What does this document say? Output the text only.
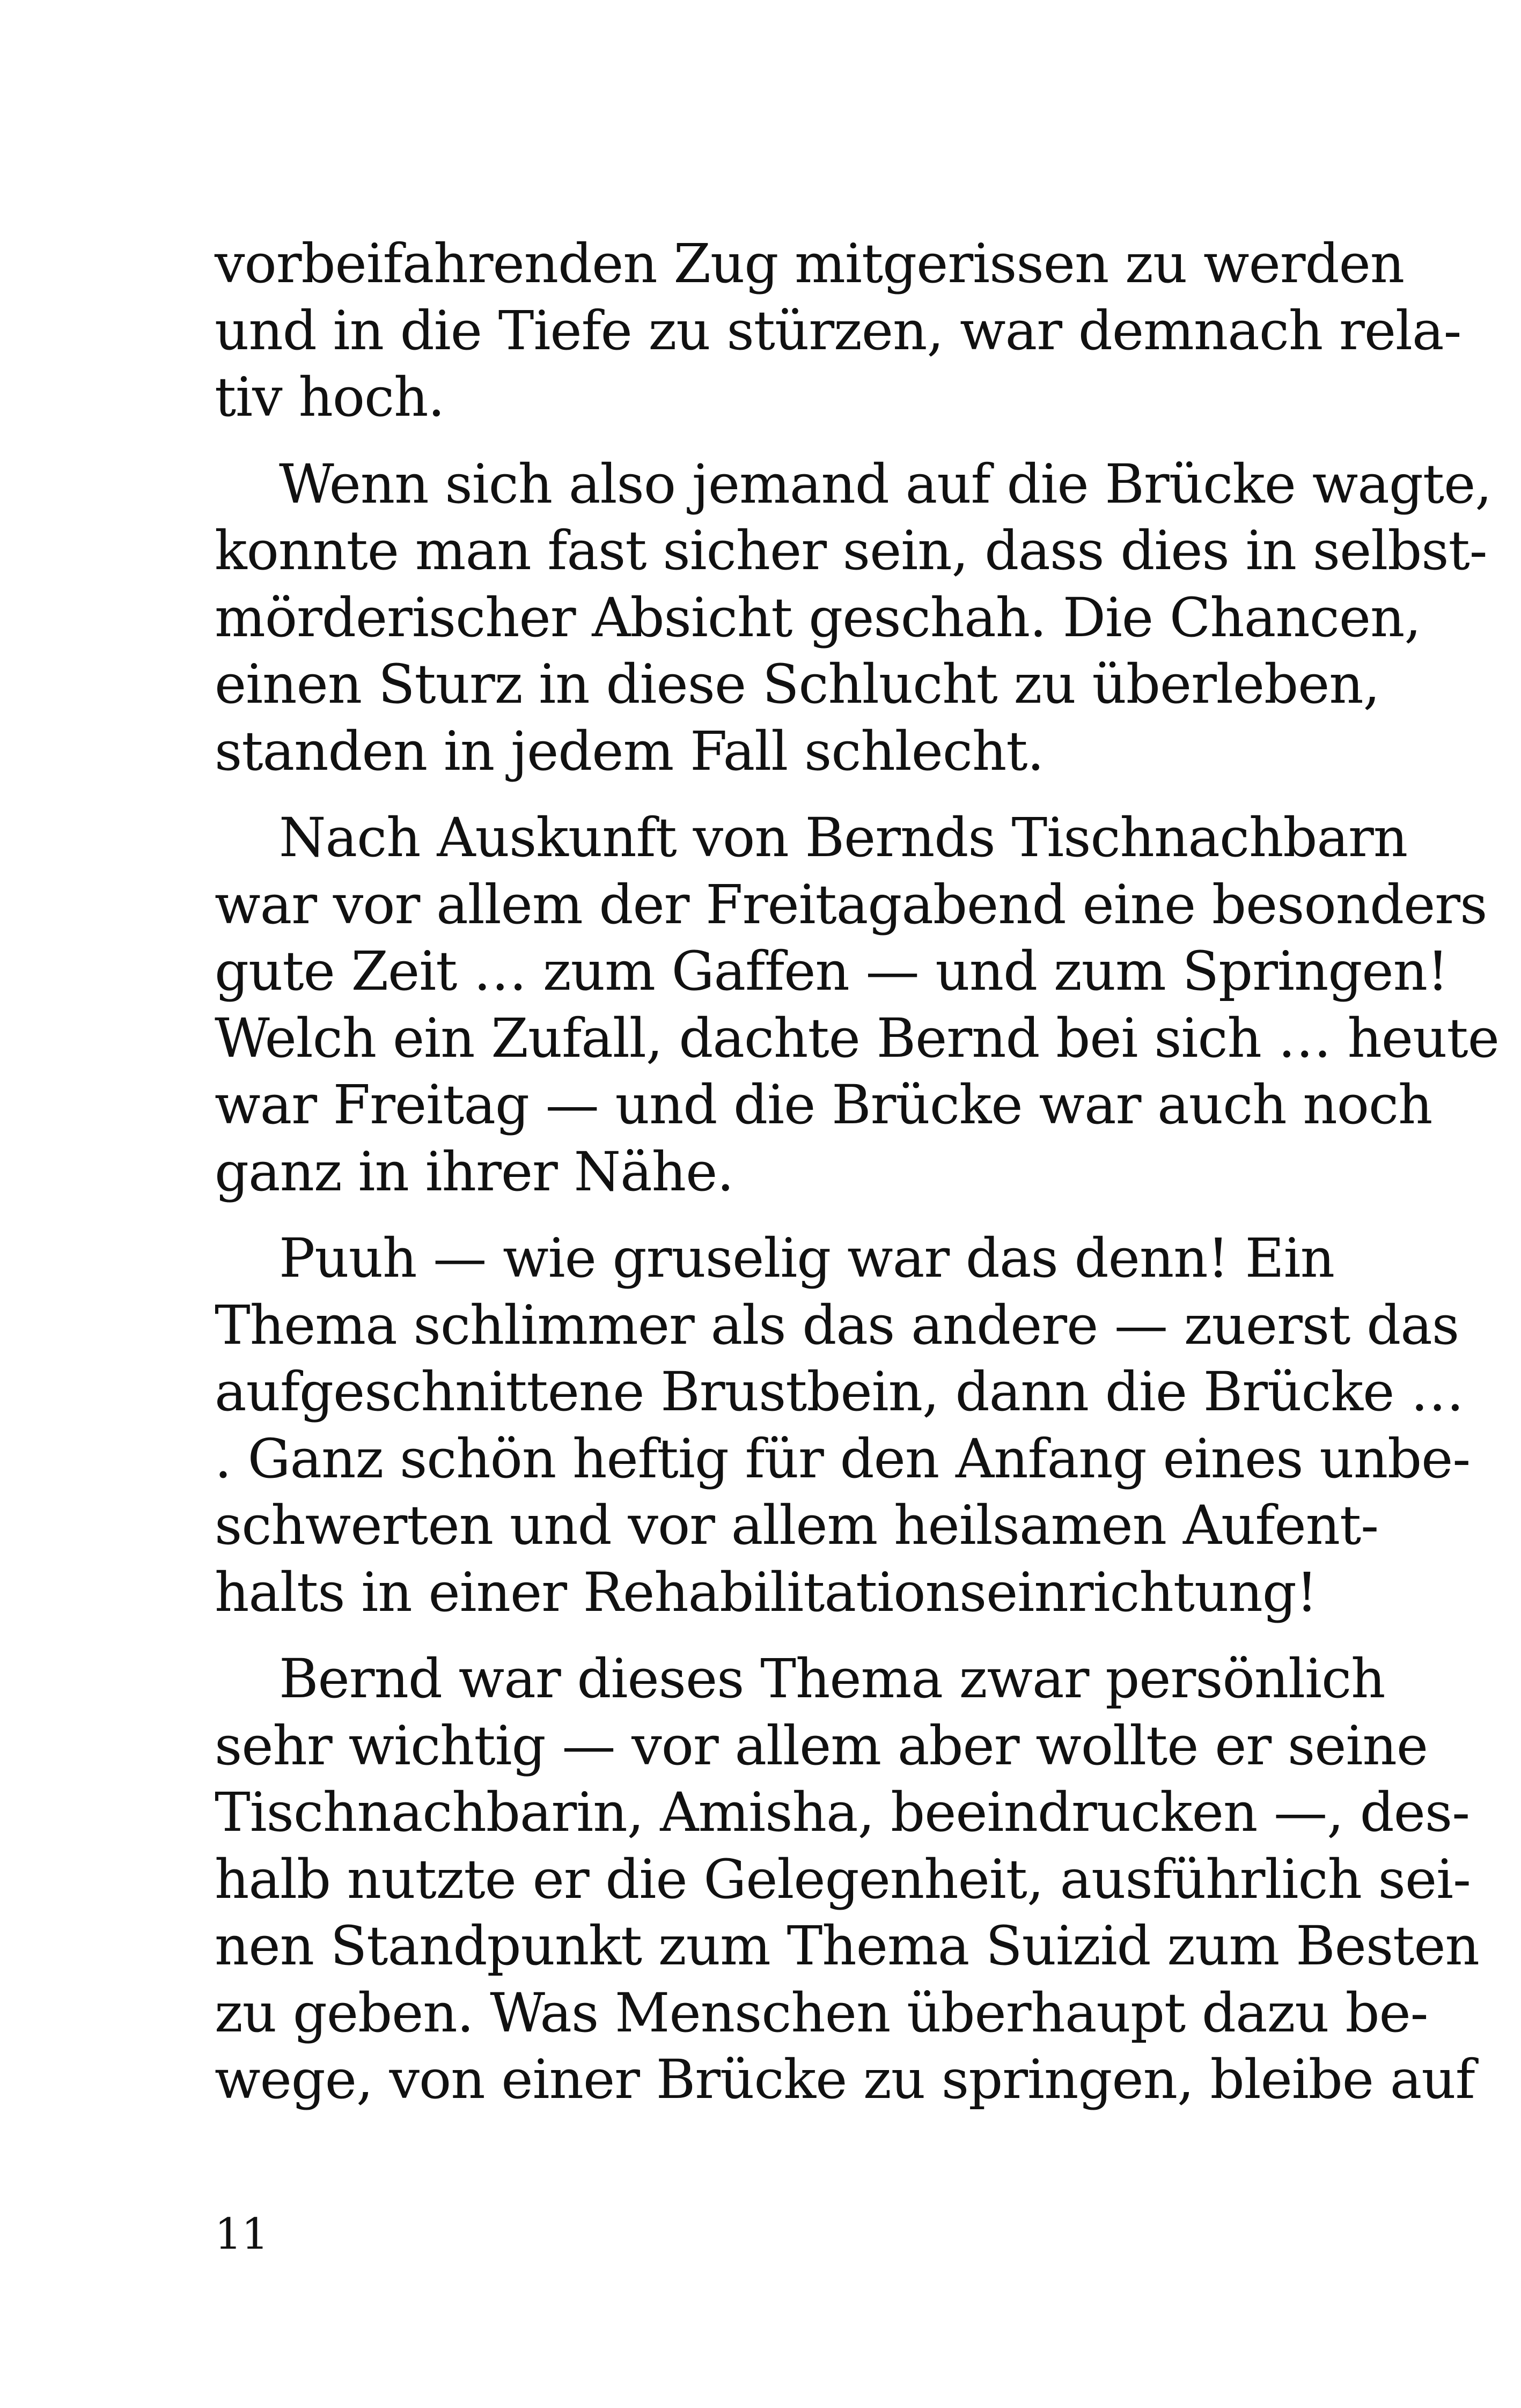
vorbeifahrenden Zug mitgerissen zu werden
und in die Tiefe zu stürzen, war demnach rela-
tiv hoch.
Wenn sich also jemand auf die Brücke wagte,
konnte man fast sicher sein, dass dies in selbst-
mörderischer Absicht geschah. Die Chancen,
einen Sturz in diese Schlucht zu überleben,
standen in jedem Fall schlecht.
Nach Auskunft von Bernds Tischnachbarn
war vor allem der Freitagabend eine besonders
gute Zeit … zum Gaffen — und zum Springen!
Welch ein Zufall, dachte Bernd bei sich … heute
war Freitag — und die Brücke war auch noch
ganz in ihrer Nähe.
Puuh — wie gruselig war das denn! Ein
Thema schlimmer als das andere — zuerst das
aufgeschnittene Brustbein, dann die Brücke …
. Ganz schön heftig für den Anfang eines unbe-
schwerten und vor allem heilsamen Aufent-
halts in einer Rehabilitationseinrichtung!
Bernd war dieses Thema zwar persönlich
sehr wichtig — vor allem aber wollte er seine
Tischnachbarin, Amisha, beeindrucken —, des-
halb nutzte er die Gelegenheit, ausführlich sei-
nen Standpunkt zum Thema Suizid zum Besten
zu geben. Was Menschen überhaupt dazu be-
wege, von einer Brücke zu springen, bleibe auf
11
